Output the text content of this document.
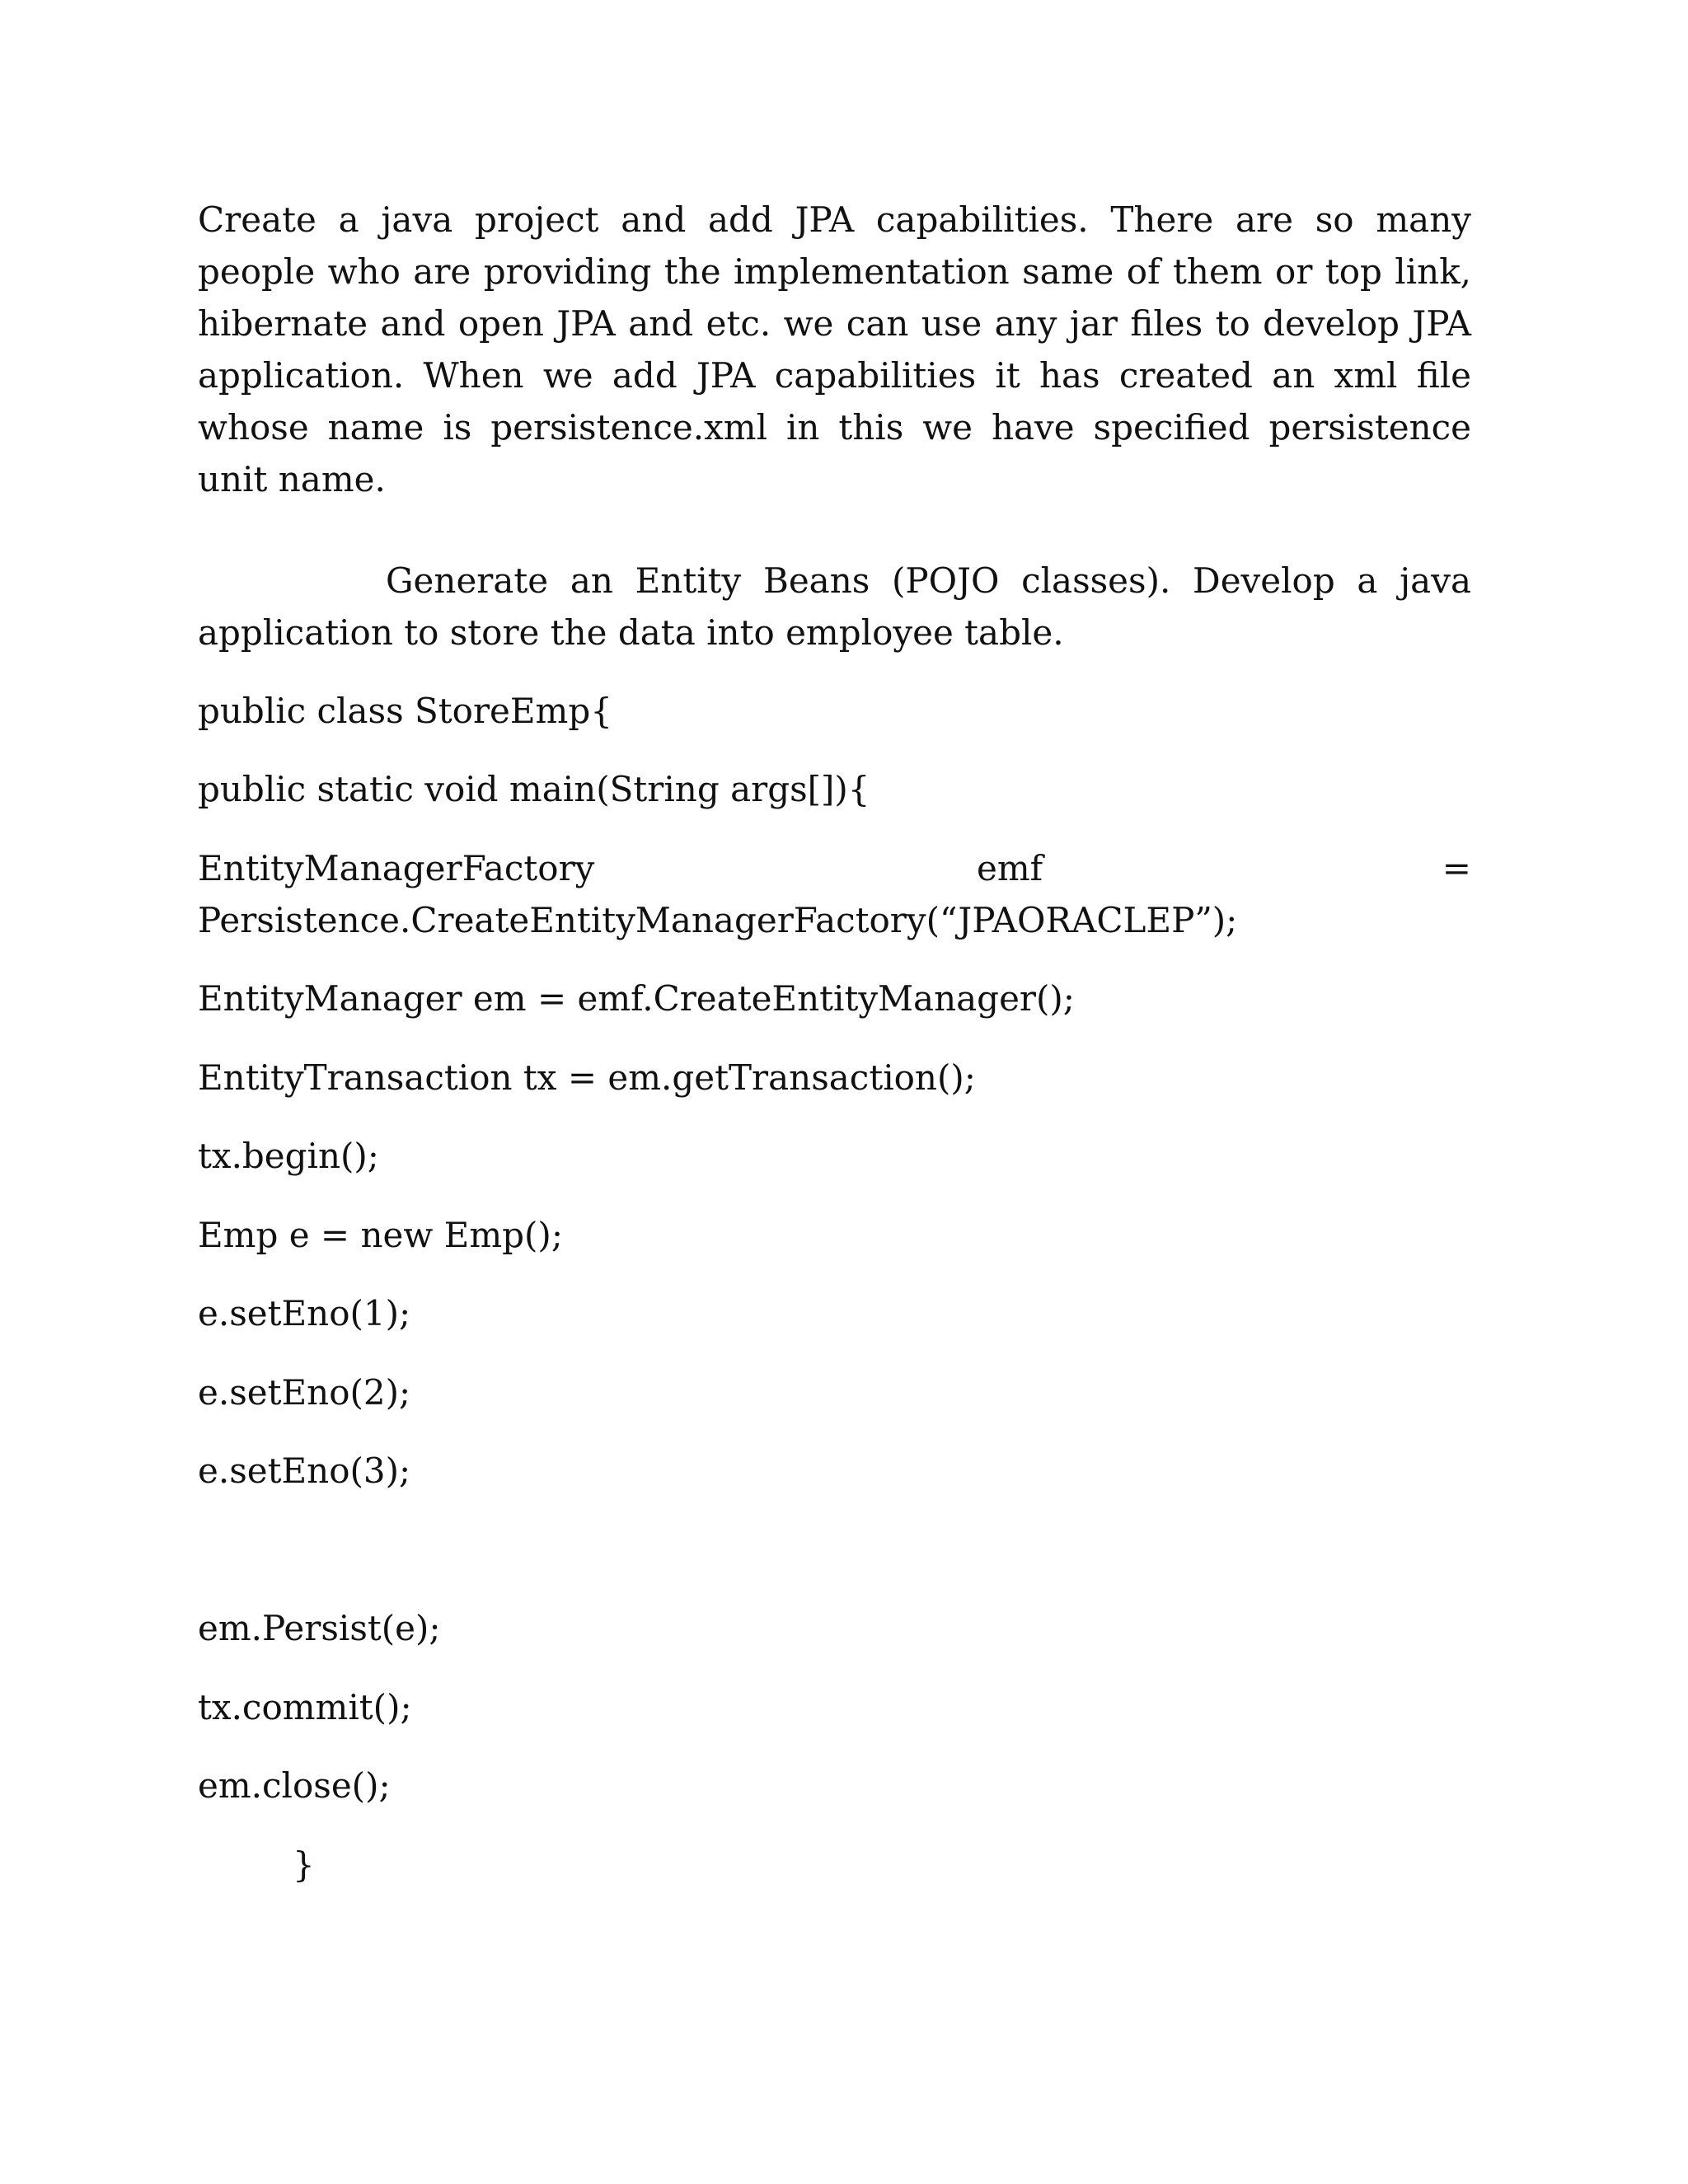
Create a java project and add JPA capabilities. There are so many people who are providing the implementation same of them or top link, hibernate and open JPA and etc. we can use any jar files to develop JPA application. When we add JPA capabilities it has created an xml file whose name is persistence.xml in this we have specified persistence unit name.

Generate an Entity Beans (POJO classes). Develop a java application to store the data into employee table.

public class StoreEmp{

public static void main(String args[]){

EntityManagerFactory	emf	=

Persistence.CreateEntityManagerFactory(“JPAORACLEP”);

EntityManager em = emf.CreateEntityManager();

EntityTransaction tx = em.getTransaction();

tx.begin();

Emp e = new Emp();

e.setEno(1);

e.setEno(2);

e.setEno(3);

em.Persist(e);

tx.commit();

em.close();

}
